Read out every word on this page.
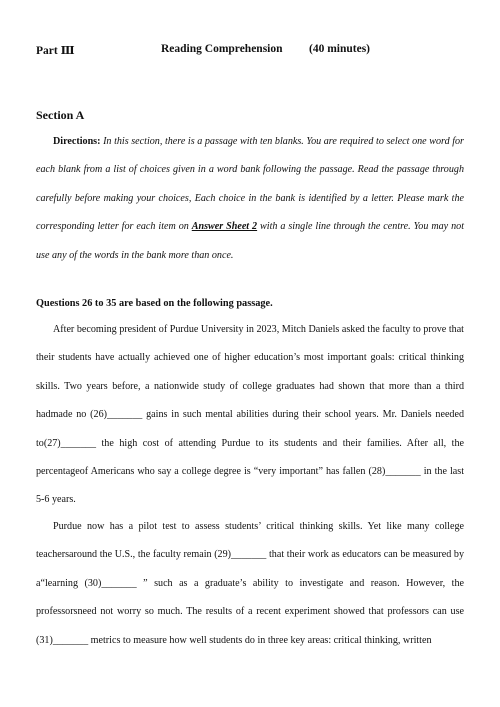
Part Ⅲ	Reading Comprehension (40 minutes)
Section A
Directions: In this section, there is a passage with ten blanks. You are required to select one word for each blank from a list of choices given in a word bank following the passage. Read the passage through carefully before making your choices, Each choice in the bank is identified by a letter. Please mark the corresponding letter for each item on Answer Sheet 2 with a single line through the centre. You may not use any of the words in the bank more than once.
Questions 26 to 35 are based on the following passage.
After becoming president of Purdue University in 2023, Mitch Daniels asked the faculty to prove that their students have actually achieved one of higher education’s most important goals: critical thinking skills. Two years before, a nationwide study of college graduates had shown that more than a third hadmade no (26)_______ gains in such mental abilities during their school years. Mr. Daniels needed to(27)_______ the high cost of attending Purdue to its students and their families. After all, the percentageof Americans who say a college degree is “very important” has fallen (28)_______ in the last 5-6 years.
Purdue now has a pilot test to assess students’ critical thinking skills. Yet like many college teachersaround the U.S., the faculty remain (29)_______ that their work as educators can be measured by a“learning (30)_______ ” such as a graduate’s ability to investigate and reason. However, the professorsneed not worry so much. The results of a recent experiment showed that professors can use (31)_______ metrics to measure how well students do in three key areas: critical thinking, written
